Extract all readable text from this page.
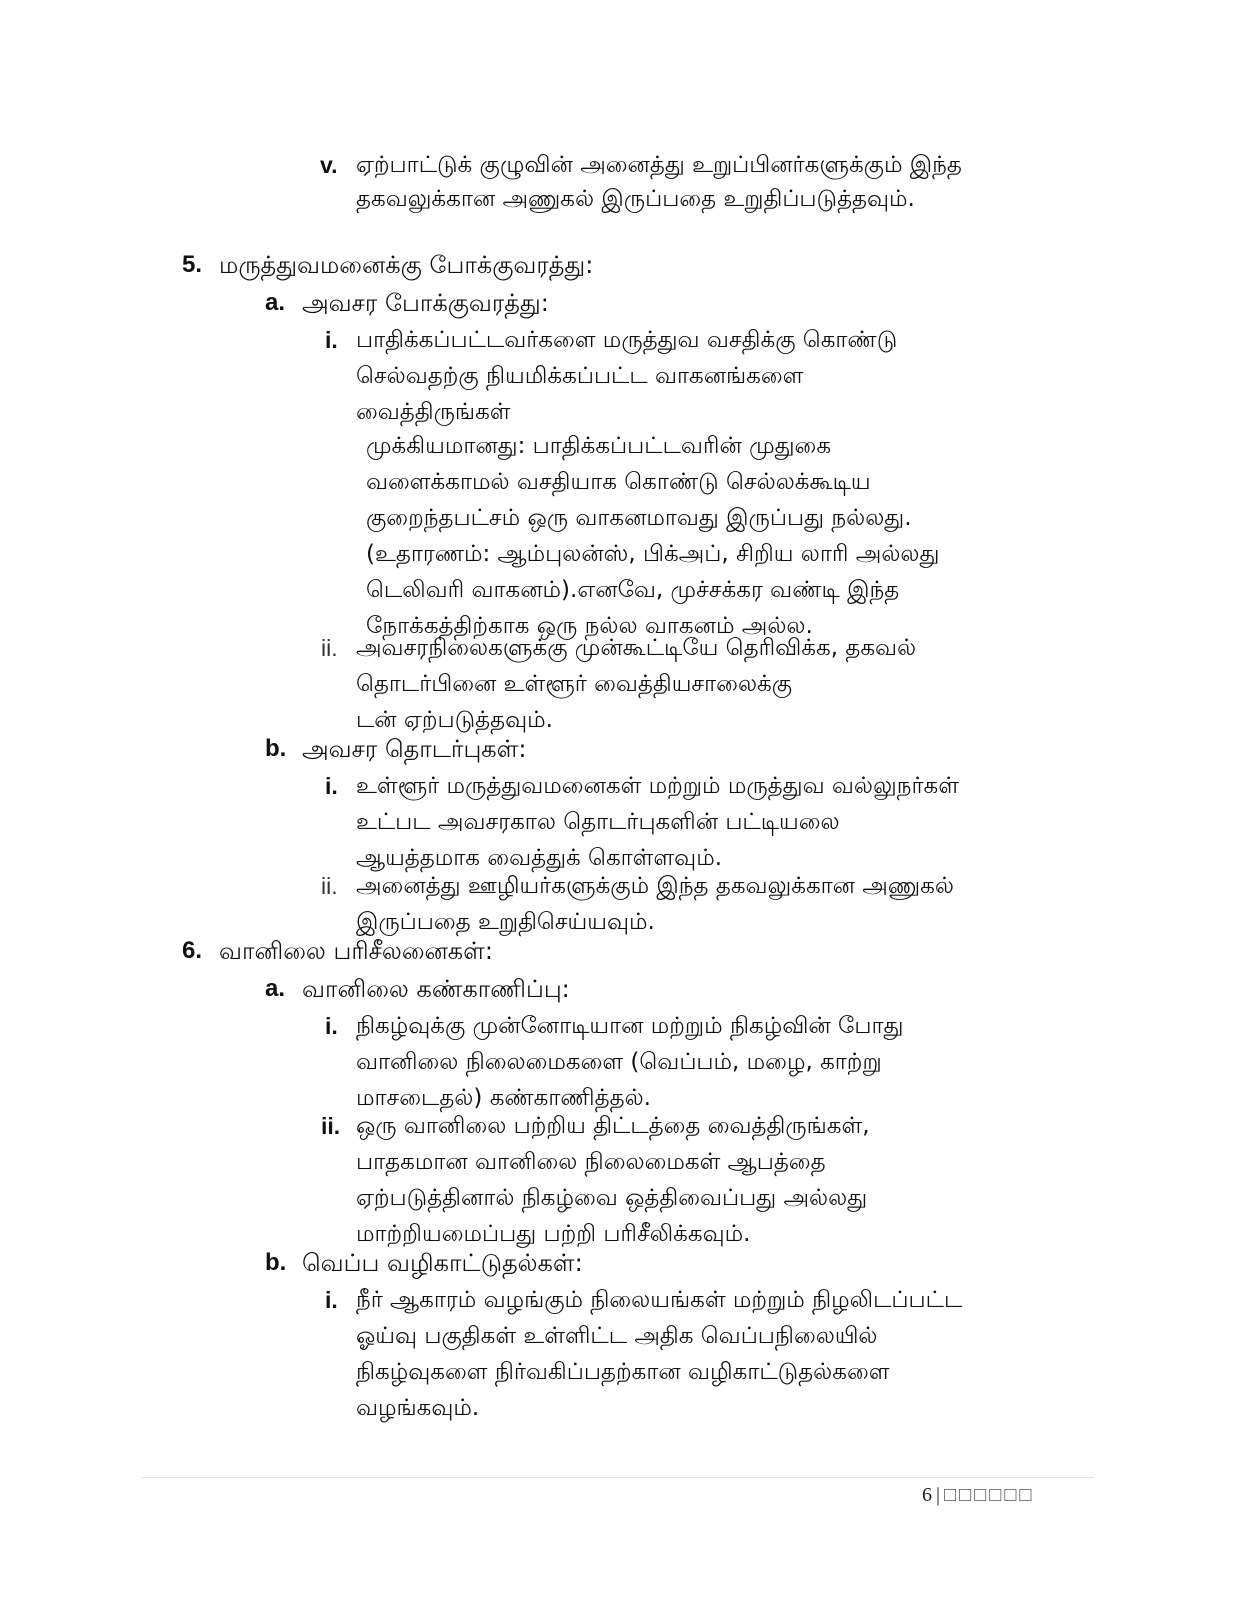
v. ஏற்பாட்டுக் குழுவின் அனைத்து உறுப்பினர்களுக்கும் இந்த
தகவலுக்கான அணுகல் இருப்பதை உறுதிப்படுத்தவும்.
5. மருத்துவமனைக்கு போக்குவரத்து:
a. அவசர போக்குவரத்து:
i. பாதிக்கப்பட்டவர்களை மருத்துவ வசதிக்கு கொண்டு
செல்வதற்கு நியமிக்கப்பட்ட வாகனங்களை
வைத்திருங்கள்
முக்கியமானது: பாதிக்கப்பட்டவரின் முதுகை
வளைக்காமல் வசதியாக கொண்டு செல்லக்கூடிய
குறைந்தபட்சம் ஒரு வாகனமாவது இருப்பது நல்லது.
(உதாரணம்: ஆம்புலன்ஸ், பிக்அப், சிறிய லாரி அல்லது
டெலிவரி வாகனம்).எனவே, முச்சக்கர வண்டி இந்த
நோக்கத்திற்காக ஒரு நல்ல வாகனம் அல்ல.
ii. அவசரநிலைகளுக்கு முன்கூட்டியே தெரிவிக்க, தகவல்
தொடர்பினை உள்ளூர் வைத்தியசாலைக்கு
டன் ஏற்படுத்தவும்.
b. அவசர தொடர்புகள்:
i. உள்ளூர் மருத்துவமனைகள் மற்றும் மருத்துவ வல்லுநர்கள்
உட்பட அவசரகால தொடர்புகளின் பட்டியலை
ஆயத்தமாக வைத்துக் கொள்ளவும்.
ii. அனைத்து ஊழியர்களுக்கும் இந்த தகவலுக்கான அணுகல்
இருப்பதை உறுதிசெய்யவும்.
6. வானிலை பரிசீலனைகள்:
a. வானிலை கண்காணிப்பு:
i. நிகழ்வுக்கு முன்னோடியான மற்றும் நிகழ்வின் போது
வானிலை நிலைமைகளை (வெப்பம், மழை, காற்று
மாசடைதல்) கண்காணித்தல்.
ii. ஒரு வானிலை பற்றிய திட்டத்தை வைத்திருங்கள்,
பாதகமான வானிலை நிலைமைகள் ஆபத்தை
ஏற்படுத்தினால் நிகழ்வை ஒத்திவைப்பது அல்லது
மாற்றியமைப்பது பற்றி பரிசீலிக்கவும்.
b. வெப்ப வழிகாட்டுதல்கள்:
i. நீர் ஆகாரம் வழங்கும் நிலையங்கள் மற்றும் நிழலிடப்பட்ட
ஓய்வு பகுதிகள் உள்ளிட்ட அதிக வெப்பநிலையில்
நிகழ்வுகளை நிர்வகிப்பதற்கான வழிகாட்டுதல்களை
வழங்கவும்.
6 | □□□□□□
